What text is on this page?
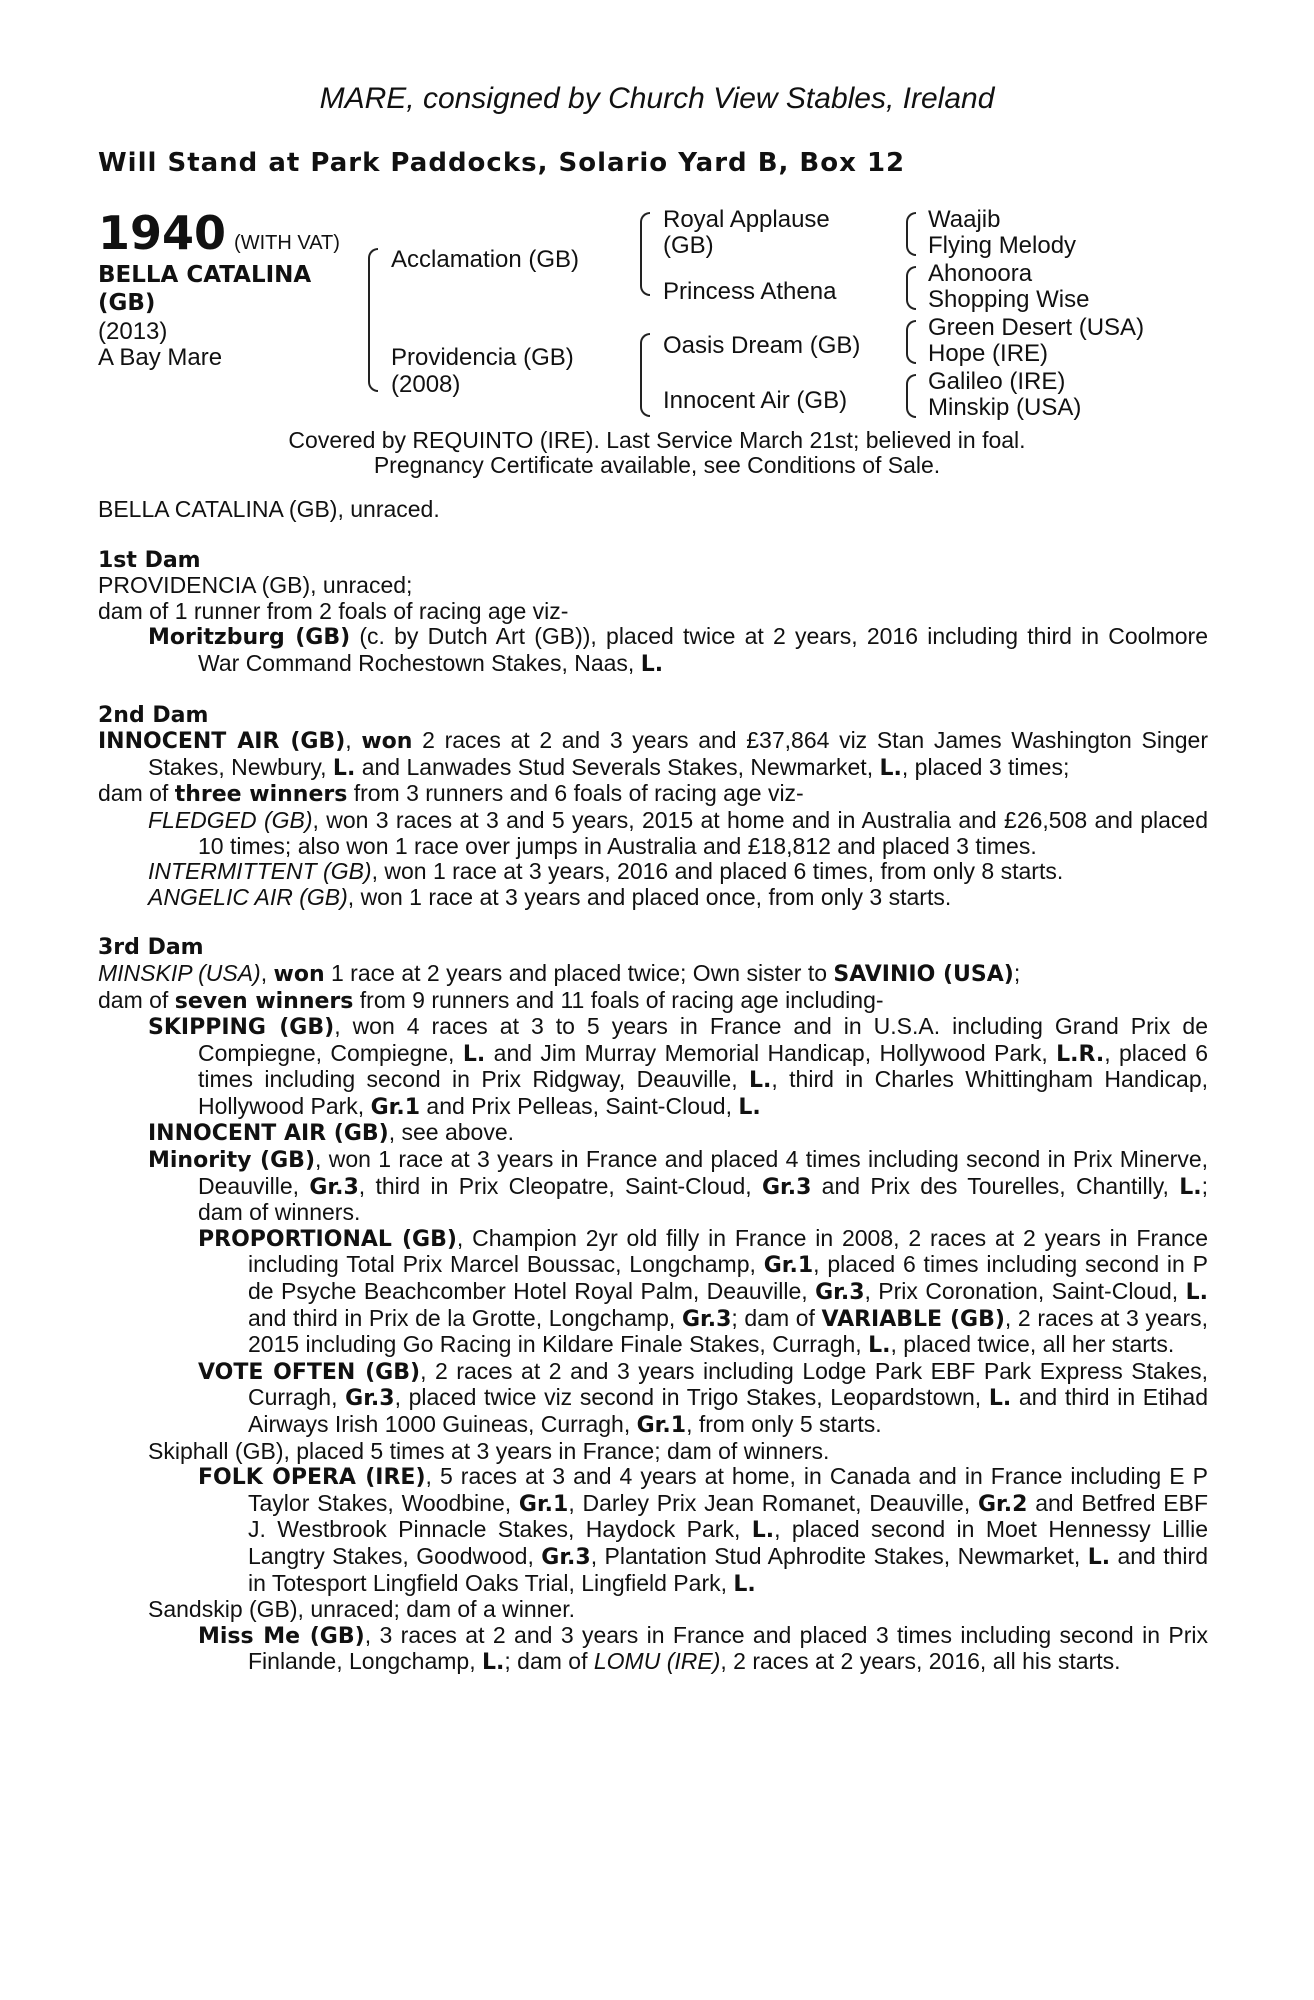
MARE, consigned by Church View Stables, Ireland
Will Stand at Park Paddocks, Solario Yard B, Box 12
1940 (WITH VAT)
BELLA CATALINA
(GB)
(2013)
A Bay Mare
Acclamation (GB)
Providencia (GB)
(2008)
Royal Applause
(GB)
Princess Athena
Oasis Dream (GB)
Innocent Air (GB)
Waajib
Flying Melody
Ahonoora
Shopping Wise
Green Desert (USA)
Hope (IRE)
Galileo (IRE)
Minskip (USA)
Covered by REQUINTO (IRE). Last Service March 21st; believed in foal.
Pregnancy Certificate available, see Conditions of Sale.

BELLA CATALINA (GB), unraced.

1st Dam

PROVIDENCIA (GB), unraced;

dam of 1 runner from 2 foals of racing age viz-

Moritzburg (GB) (c. by Dutch Art (GB)), placed twice at 2 years, 2016 including third in Coolmore War Command Rochestown Stakes, Naas, L.

2nd Dam

INNOCENT AIR (GB), won 2 races at 2 and 3 years and £37,864 viz Stan James Washington Singer Stakes, Newbury, L. and Lanwades Stud Severals Stakes, Newmarket, L., placed 3 times;

dam of three winners from 3 runners and 6 foals of racing age viz-

FLEDGED (GB), won 3 races at 3 and 5 years, 2015 at home and in Australia and £26,508 and placed 10 times; also won 1 race over jumps in Australia and £18,812 and placed 3 times.

INTERMITTENT (GB), won 1 race at 3 years, 2016 and placed 6 times, from only 8 starts.

ANGELIC AIR (GB), won 1 race at 3 years and placed once, from only 3 starts.

3rd Dam

MINSKIP (USA), won 1 race at 2 years and placed twice; Own sister to SAVINIO (USA);

dam of seven winners from 9 runners and 11 foals of racing age including-

SKIPPING (GB), won 4 races at 3 to 5 years in France and in U.S.A. including Grand Prix de Compiegne, Compiegne, L. and Jim Murray Memorial Handicap, Hollywood Park, L.R., placed 6 times including second in Prix Ridgway, Deauville, L., third in Charles Whittingham Handicap, Hollywood Park, Gr.1 and Prix Pelleas, Saint-Cloud, L.

INNOCENT AIR (GB), see above.

Minority (GB), won 1 race at 3 years in France and placed 4 times including second in Prix Minerve, Deauville, Gr.3, third in Prix Cleopatre, Saint-Cloud, Gr.3 and Prix des Tourelles, Chantilly, L.; dam of winners.

PROPORTIONAL (GB), Champion 2yr old filly in France in 2008, 2 races at 2 years in France including Total Prix Marcel Boussac, Longchamp, Gr.1, placed 6 times including second in P de Psyche Beachcomber Hotel Royal Palm, Deauville, Gr.3, Prix Coronation, Saint-Cloud, L. and third in Prix de la Grotte, Longchamp, Gr.3; dam of VARIABLE (GB), 2 races at 3 years, 2015 including Go Racing in Kildare Finale Stakes, Curragh, L., placed twice, all her starts.

VOTE OFTEN (GB), 2 races at 2 and 3 years including Lodge Park EBF Park Express Stakes, Curragh, Gr.3, placed twice viz second in Trigo Stakes, Leopardstown, L. and third in Etihad Airways Irish 1000 Guineas, Curragh, Gr.1, from only 5 starts.

Skiphall (GB), placed 5 times at 3 years in France; dam of winners.

FOLK OPERA (IRE), 5 races at 3 and 4 years at home, in Canada and in France including E P Taylor Stakes, Woodbine, Gr.1, Darley Prix Jean Romanet, Deauville, Gr.2 and Betfred EBF J. Westbrook Pinnacle Stakes, Haydock Park, L., placed second in Moet Hennessy Lillie Langtry Stakes, Goodwood, Gr.3, Plantation Stud Aphrodite Stakes, Newmarket, L. and third in Totesport Lingfield Oaks Trial, Lingfield Park, L.

Sandskip (GB), unraced; dam of a winner.

Miss Me (GB), 3 races at 2 and 3 years in France and placed 3 times including second in Prix Finlande, Longchamp, L.; dam of LOMU (IRE), 2 races at 2 years, 2016, all his starts.
